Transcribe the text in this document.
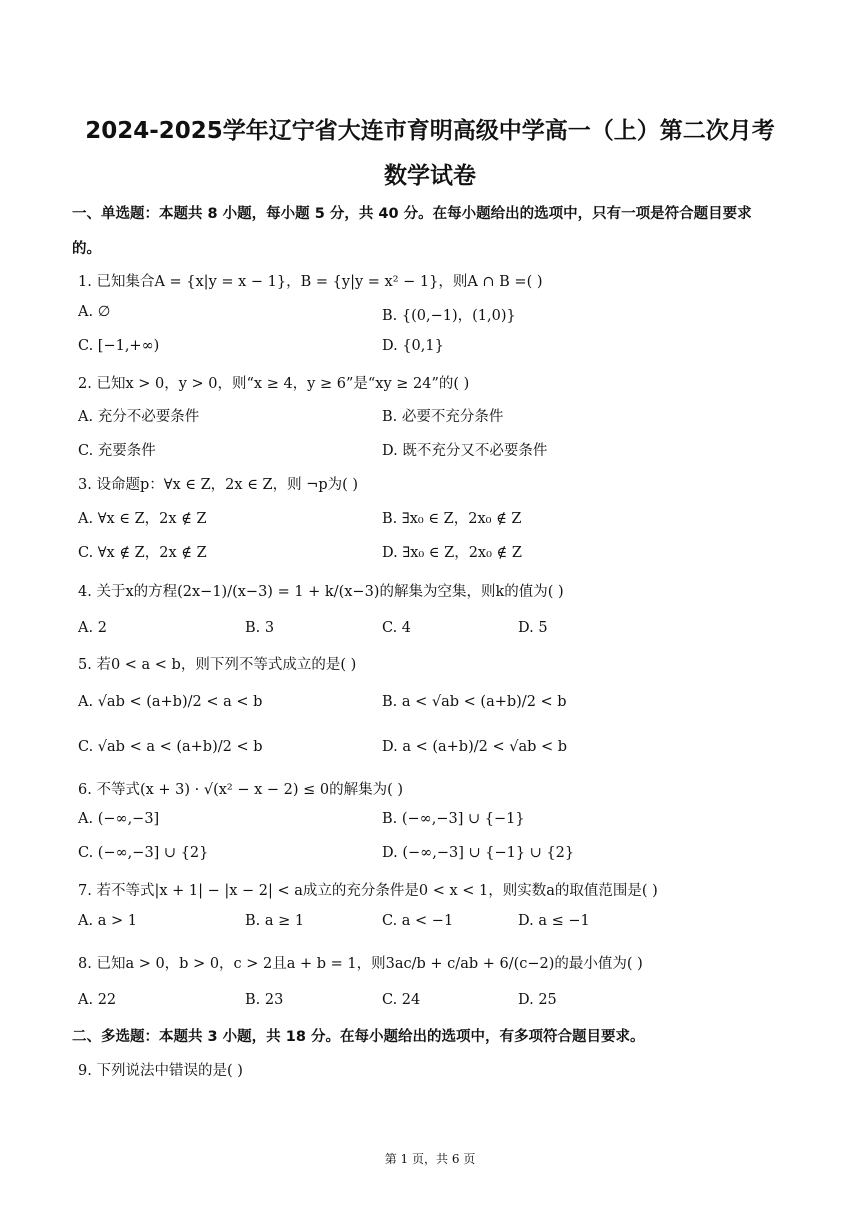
2024-2025学年辽宁省大连市育明高级中学高一（上）第二次月考
数学试卷
一、单选题：本题共 8 小题，每小题 5 分，共 40 分。在每小题给出的选项中，只有一项是符合题目要求
的。
1. 已知集合A = {x|y = x − 1}，B = {y|y = x² − 1}，则A ∩ B =( )
A. ∅	B. {(0,−1)，(1,0)}
C. [−1,+∞)	D. {0,1}
2. 已知x > 0，y > 0，则“x ≥ 4，y ≥ 6”是“xy ≥ 24”的( )
A. 充分不必要条件	B. 必要不充分条件
C. 充要条件	D. 既不充分又不必要条件
3. 设命题p：∀x ∈ Z，2x ∈ Z，则 ¬p为( )
A. ∀x ∈ Z，2x ∉ Z	B. ∃x₀ ∈ Z，2x₀ ∉ Z
C. ∀x ∉ Z，2x ∉ Z	D. ∃x₀ ∈ Z，2x₀ ∉ Z
4. 关于x的方程(2x−1)/(x−3) = 1 + k/(x−3)的解集为空集，则k的值为( )
A. 2	B. 3	C. 4	D. 5
5. 若0 < a < b，则下列不等式成立的是( )
A. √ab < (a+b)/2 < a < b	B. a < √ab < (a+b)/2 < b
C. √ab < a < (a+b)/2 < b	D. a < (a+b)/2 < √ab < b
6. 不等式(x + 3) · √(x² − x − 2) ≤ 0的解集为( )
A. (−∞,−3]	B. (−∞,−3] ∪ {−1}
C. (−∞,−3] ∪ {2}	D. (−∞,−3] ∪ {−1} ∪ {2}
7. 若不等式|x + 1| − |x − 2| < a成立的充分条件是0 < x < 1，则实数a的取值范围是( )
A. a > 1	B. a ≥ 1	C. a < −1	D. a ≤ −1
8. 已知a > 0，b > 0，c > 2且a + b = 1，则3ac/b + c/ab + 6/(c−2)的最小值为( )
A. 22	B. 23	C. 24	D. 25
二、多选题：本题共 3 小题，共 18 分。在每小题给出的选项中，有多项符合题目要求。
9. 下列说法中错误的是( )
第 1 页，共 6 页
